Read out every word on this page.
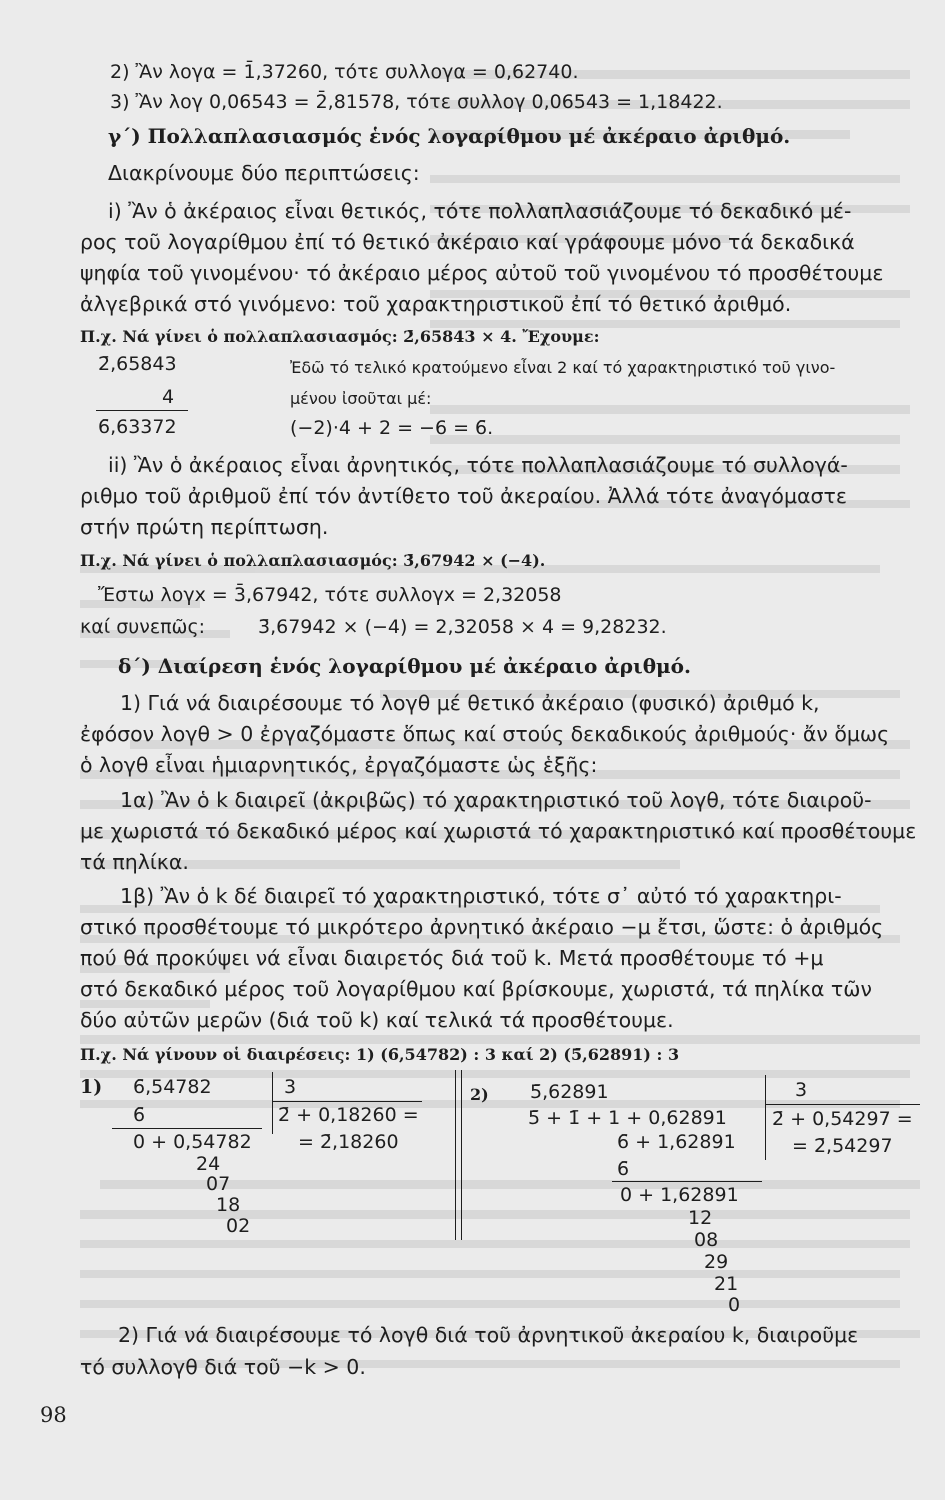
2) Ἂν λογα = 1̄,37260, τότε συλλογα = 0,62740.
3) Ἂν λογ 0,06543 = 2̄,81578, τότε συλλογ 0,06543 = 1,18422.
γ΄) Πολλαπλασιασμός ἑνός λογαρίθμου μέ ἀκέραιο ἀριθμό.
Διακρίνουμε δύο περιπτώσεις:
i) Ἂν ὁ ἀκέραιος εἶναι θετικός, τότε πολλαπλασιάζουμε τό δεκαδικό μέ-
ρος τοῦ λογαρίθμου ἐπί τό θετικό ἀκέραιο καί γράφουμε μόνο τά δεκαδικά
ψηφία τοῦ γινομένου· τό ἀκέραιο μέρος αὐτοῦ τοῦ γινομένου τό προσθέτουμε
ἀλγεβρικά στό γινόμενο: τοῦ χαρακτηριστικοῦ ἐπί τό θετικό ἀριθμό.
Π.χ. Νά γίνει ὁ πολλαπλασιασμός: 2̄,65843 × 4. Ἔχουμε:
2̄,65843
4
6̄,63372
Ἐδῶ τό τελικό κρατούμενο εἶναι 2 καί τό χαρακτηριστικό τοῦ γινο-
μένου ἰσοῦται μέ:
(−2)·4 + 2 = −6 = 6̄.
ii) Ἂν ὁ ἀκέραιος εἶναι ἀρνητικός, τότε πολλαπλασιάζουμε τό συλλογά-
ριθμο τοῦ ἀριθμοῦ ἐπί τόν ἀντίθετο τοῦ ἀκεραίου. Ἀλλά τότε ἀναγόμαστε
στήν πρώτη περίπτωση.
Π.χ. Νά γίνει ὁ πολλαπλασιασμός: 3̄,67942 × (−4).
Ἔστω λογx = 3̄,67942, τότε συλλογx = 2,32058
καί συνεπῶς:	3̄,67942 × (−4) = 2,32058 × 4 = 9,28232.
δ΄) Διαίρεση ἑνός λογαρίθμου μέ ἀκέραιο ἀριθμό.
1) Γιά νά διαιρέσουμε τό λογθ μέ θετικό ἀκέραιο (φυσικό) ἀριθμό k,
ἐφόσον λογθ > 0 ἐργαζόμαστε ὅπως καί στούς δεκαδικούς ἀριθμούς· ἄν ὅμως
ὁ λογθ εἶναι ἡμιαρνητικός, ἐργαζόμαστε ὡς ἑξῆς:
1α) Ἂν ὁ k διαιρεῖ (ἀκριβῶς) τό χαρακτηριστικό τοῦ λογθ, τότε διαιροῦ-
με χωριστά τό δεκαδικό μέρος καί χωριστά τό χαρακτηριστικό καί προσθέτουμε
τά πηλίκα.
1β) Ἂν ὁ k δέ διαιρεῖ τό χαρακτηριστικό, τότε σ᾽ αὐτό τό χαρακτηρι-
στικό προσθέτουμε τό μικρότερο ἀρνητικό ἀκέραιο −μ ἔτσι, ὥστε: ὁ ἀριθμός
πού θά προκύψει νά εἶναι διαιρετός διά τοῦ k. Μετά προσθέτουμε τό +μ
στό δεκαδικό μέρος τοῦ λογαρίθμου καί βρίσκουμε, χωριστά, τά πηλίκα τῶν
δύο αὐτῶν μερῶν (διά τοῦ k) καί τελικά τά προσθέτουμε.
Π.χ. Νά γίνουν οἱ διαιρέσεις: 1) (6̄,54782) : 3 καί 2) (5̄,62891) : 3
1) 6̄,54782
6̄
0 + 0,54782
24
07
18
02
3
2̄ + 0,18260 =
= 2̄,18260
2) 5̄,62891
5̄ + 1̄ + 1 + 0,62891
6̄ + 1,62891
6̄
0 + 1,62891
12
08
29
21
0
3
2̄ + 0,54297 =
= 2̄,54297
2) Γιά νά διαιρέσουμε τό λογθ διά τοῦ ἀρνητικοῦ ἀκεραίου k, διαιροῦμε
τό συλλογθ διά τοῦ −k > 0.
98
